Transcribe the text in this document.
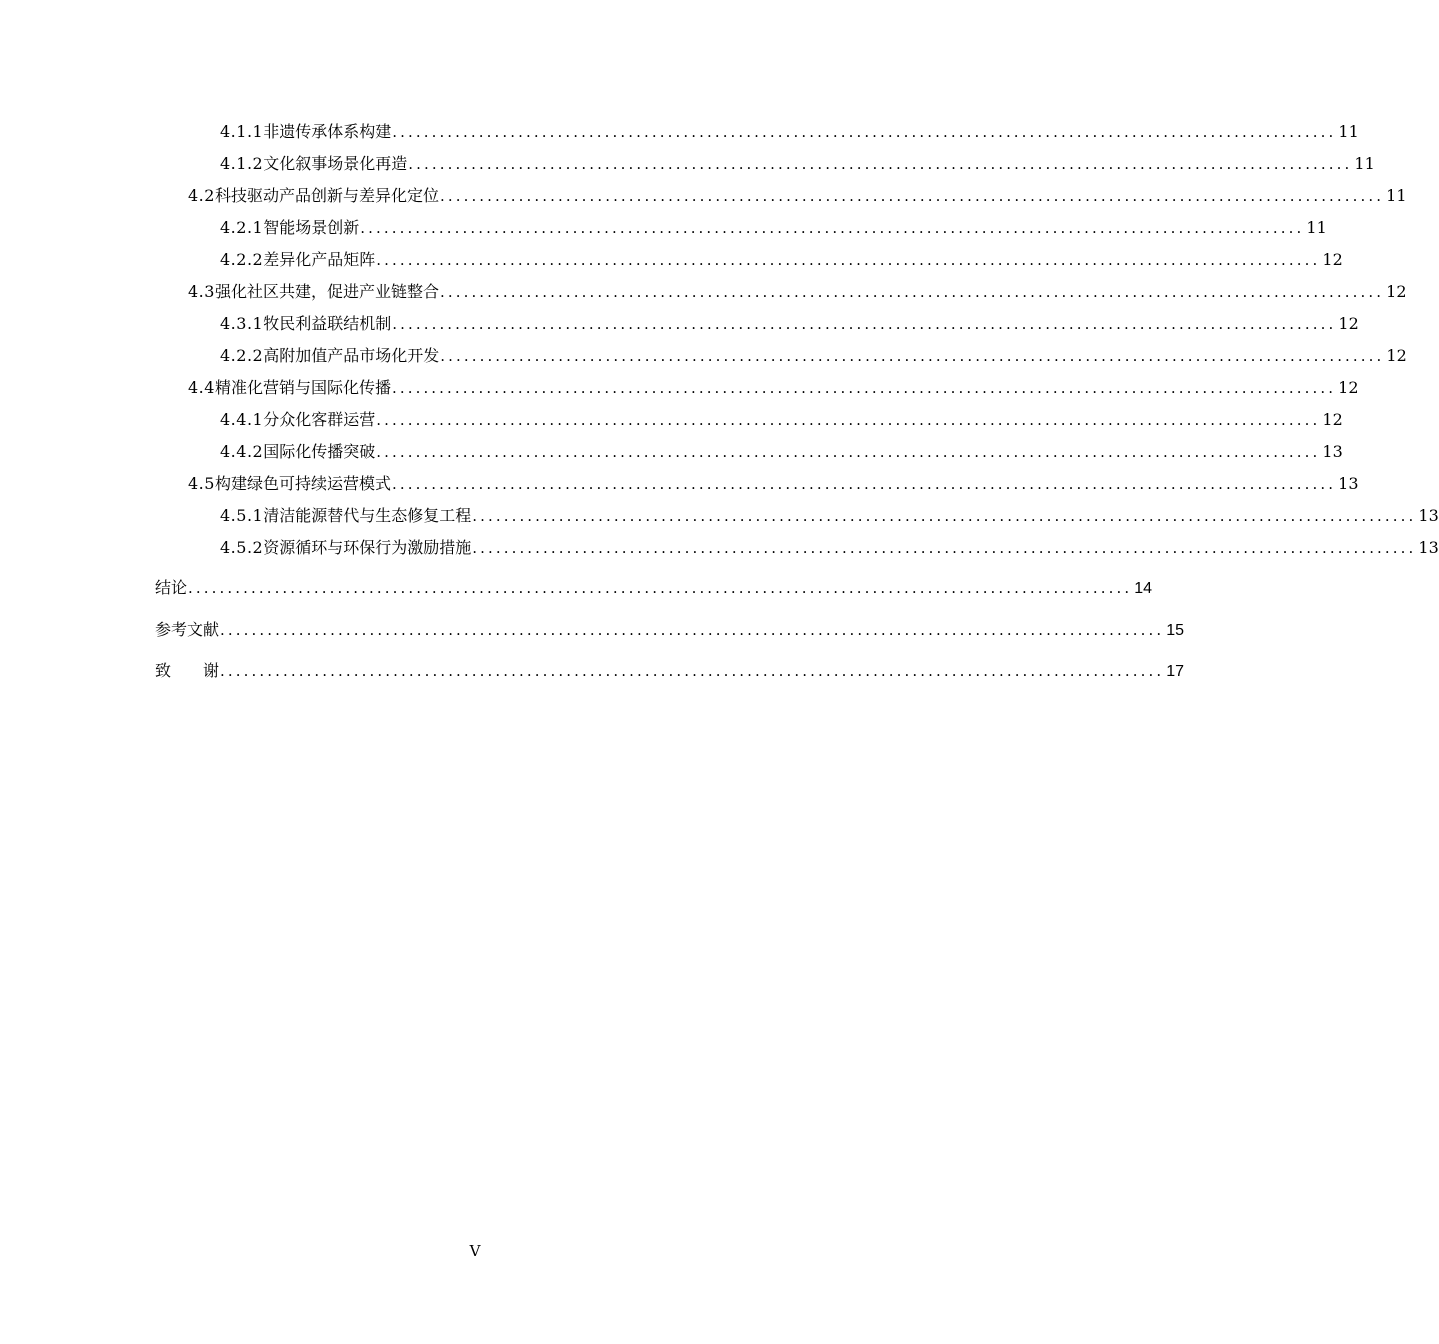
4.1.1 非遗传承体系构建 ........................................................................................................................ 11
4.1.2 文化叙事场景化再造 ........................................................................................................................ 11
4.2 科技驱动产品创新与差异化定位 ........................................................................................................................ 11
4.2.1 智能场景创新 ........................................................................................................................ 11
4.2.2 差异化产品矩阵 ........................................................................................................................ 12
4.3 强化社区共建，促进产业链整合 ........................................................................................................................ 12
4.3.1 牧民利益联结机制 ........................................................................................................................ 12
4.2.2 高附加值产品市场化开发 ........................................................................................................................ 12
4.4 精准化营销与国际化传播 ........................................................................................................................ 12
4.4.1 分众化客群运营 ........................................................................................................................ 12
4.4.2 国际化传播突破 ........................................................................................................................ 13
4.5 构建绿色可持续运营模式 ........................................................................................................................ 13
4.5.1 清洁能源替代与生态修复工程 ........................................................................................................................ 13
4.5.2 资源循环与环保行为激励措施 ........................................................................................................................ 13
结论 ........................................................................................................................ 14
参考文献 ........................................................................................................................ 15
致　　谢 ........................................................................................................................ 17
V
